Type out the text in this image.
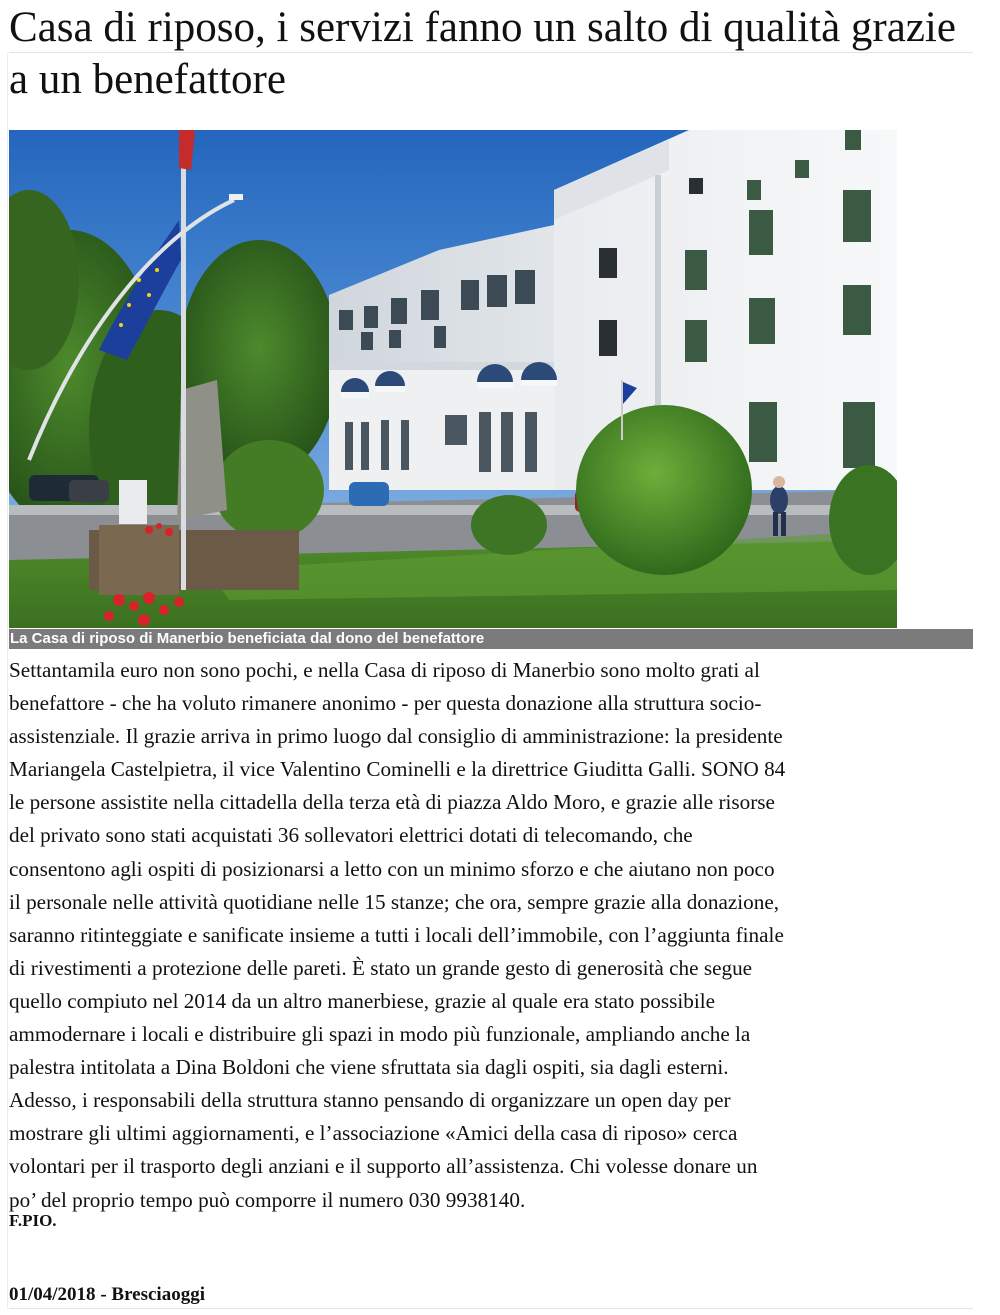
Casa di riposo, i servizi fanno un salto di qualità grazie a un benefattore
La Casa di riposo di Manerbio beneficiata dal dono del benefattore
Settantamila euro non sono pochi, e nella Casa di riposo di Manerbio sono molto grati al
benefattore - che ha voluto rimanere anonimo - per questa donazione alla struttura socio-
assistenziale. Il grazie arriva in primo luogo dal consiglio di amministrazione: la presidente
Mariangela Castelpietra, il vice Valentino Cominelli e la direttrice Giuditta Galli. SONO 84
le persone assistite nella cittadella della terza età di piazza Aldo Moro, e grazie alle risorse
del privato sono stati acquistati 36 sollevatori elettrici dotati di telecomando, che
consentono agli ospiti di posizionarsi a letto con un minimo sforzo e che aiutano non poco
il personale nelle attività quotidiane nelle 15 stanze; che ora, sempre grazie alla donazione,
saranno ritinteggiate e sanificate insieme a tutti i locali dell’immobile, con l’aggiunta finale
di rivestimenti a protezione delle pareti. È stato un grande gesto di generosità che segue
quello compiuto nel 2014 da un altro manerbiese, grazie al quale era stato possibile
ammodernare i locali e distribuire gli spazi in modo più funzionale, ampliando anche la
palestra intitolata a Dina Boldoni che viene sfruttata sia dagli ospiti, sia dagli esterni.
Adesso, i responsabili della struttura stanno pensando di organizzare un open day per
mostrare gli ultimi aggiornamenti, e l’associazione «Amici della casa di riposo» cerca
volontari per il trasporto degli anziani e il supporto all’assistenza. Chi volesse donare un
po’ del proprio tempo può comporre il numero 030 9938140.
F.PIO.
01/04/2018 - Bresciaoggi
